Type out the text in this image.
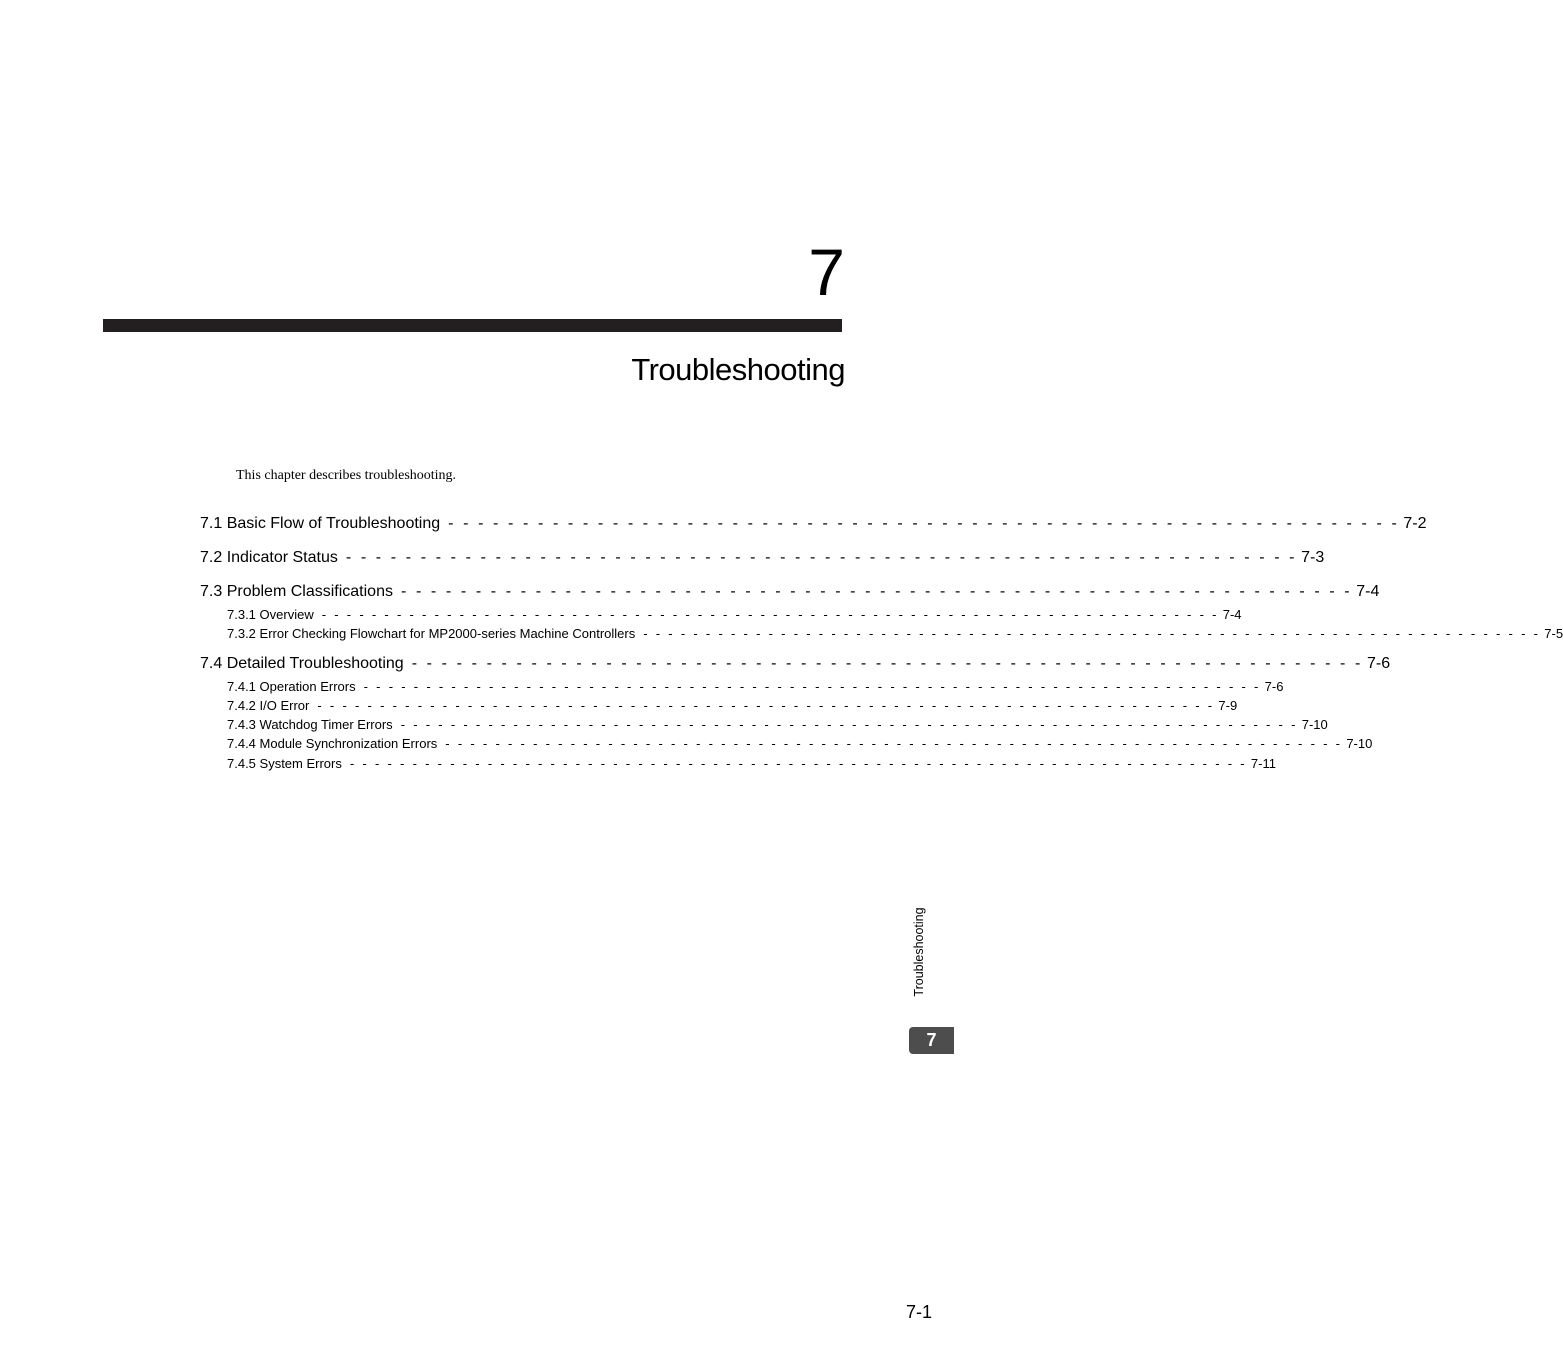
7
Troubleshooting
This chapter describes troubleshooting.
7.1 Basic Flow of Troubleshooting - - - - - - - - - - - - - - - - - - - - - - - - - - - - - - - - - - - - - - - - - - - - - - - - - - - - - - - - - - - - - - - - 7-2
7.2 Indicator Status - - - - - - - - - - - - - - - - - - - - - - - - - - - - - - - - - - - - - - - - - - - - - - - - - - - - - - - - - - - - - - - - 7-3
7.3 Problem Classifications - - - - - - - - - - - - - - - - - - - - - - - - - - - - - - - - - - - - - - - - - - - - - - - - - - - - - - - - - - - - - - - - 7-4
7.3.1 Overview - - - - - - - - - - - - - - - - - - - - - - - - - - - - - - - - - - - - - - - - - - - - - - - - - - - - - - - - - - - - - - - - - - - - - - - - 7-4
7.3.2 Error Checking Flowchart for MP2000-series Machine Controllers - - - - - - - - - - - - - - - - - - - - - - - - - - - - - - - - - - - - - - - - - - - - - - - - - - - - - - - - - - - - - - - - - - - - - - - - 7-5
7.4 Detailed Troubleshooting - - - - - - - - - - - - - - - - - - - - - - - - - - - - - - - - - - - - - - - - - - - - - - - - - - - - - - - - - - - - - - - - 7-6
7.4.1 Operation Errors - - - - - - - - - - - - - - - - - - - - - - - - - - - - - - - - - - - - - - - - - - - - - - - - - - - - - - - - - - - - - - - - - - - - - - - - 7-6
7.4.2 I/O Error - - - - - - - - - - - - - - - - - - - - - - - - - - - - - - - - - - - - - - - - - - - - - - - - - - - - - - - - - - - - - - - - - - - - - - - - 7-9
7.4.3 Watchdog Timer Errors - - - - - - - - - - - - - - - - - - - - - - - - - - - - - - - - - - - - - - - - - - - - - - - - - - - - - - - - - - - - - - - - - - - - - - - - 7-10
7.4.4 Module Synchronization Errors - - - - - - - - - - - - - - - - - - - - - - - - - - - - - - - - - - - - - - - - - - - - - - - - - - - - - - - - - - - - - - - - - - - - - - - - 7-10
7.4.5 System Errors - - - - - - - - - - - - - - - - - - - - - - - - - - - - - - - - - - - - - - - - - - - - - - - - - - - - - - - - - - - - - - - - - - - - - - - - 7-11
Troubleshooting
7
7-1
